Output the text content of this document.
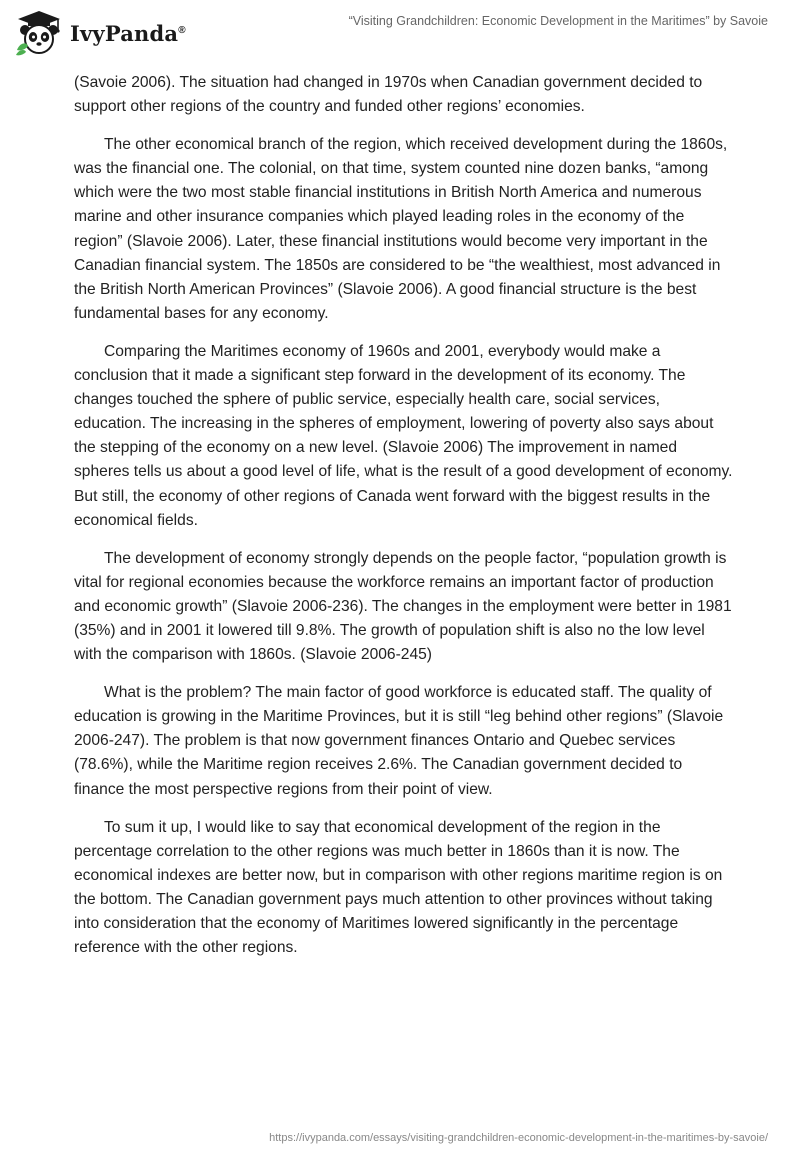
IvyPanda®
“Visiting Grandchildren: Economic Development in the Maritimes” by Savoie

(Savoie 2006). The situation had changed in 1970s when Canadian government decided to support other regions of the country and funded other regions’ economies.

The other economical branch of the region, which received development during the 1860s, was the financial one. The colonial, on that time, system counted nine dozen banks, “among which were the two most stable financial institutions in British North America and numerous marine and other insurance companies which played leading roles in the economy of the region” (Slavoie 2006). Later, these financial institutions would become very important in the Canadian financial system. The 1850s are considered to be “the wealthiest, most advanced in the British North American Provinces” (Slavoie 2006). A good financial structure is the best fundamental bases for any economy.

Comparing the Maritimes economy of 1960s and 2001, everybody would make a conclusion that it made a significant step forward in the development of its economy. The changes touched the sphere of public service, especially health care, social services, education. The increasing in the spheres of employment, lowering of poverty also says about the stepping of the economy on a new level. (Slavoie 2006) The improvement in named spheres tells us about a good level of life, what is the result of a good development of economy. But still, the economy of other regions of Canada went forward with the biggest results in the economical fields.

The development of economy strongly depends on the people factor, “population growth is vital for regional economies because the workforce remains an important factor of production and economic growth” (Slavoie 2006-236). The changes in the employment were better in 1981 (35%) and in 2001 it lowered till 9.8%. The growth of population shift is also no the low level with the comparison with 1860s. (Slavoie 2006-245)

What is the problem? The main factor of good workforce is educated staff. The quality of education is growing in the Maritime Provinces, but it is still “leg behind other regions” (Slavoie 2006-247). The problem is that now government finances Ontario and Quebec services (78.6%), while the Maritime region receives 2.6%. The Canadian government decided to finance the most perspective regions from their point of view.

To sum it up, I would like to say that economical development of the region in the percentage correlation to the other regions was much better in 1860s than it is now. The economical indexes are better now, but in comparison with other regions maritime region is on the bottom. The Canadian government pays much attention to other provinces without taking into consideration that the economy of Maritimes lowered significantly in the percentage reference with the other regions.

https://ivypanda.com/essays/visiting-grandchildren-economic-development-in-the-maritimes-by-savoie/
